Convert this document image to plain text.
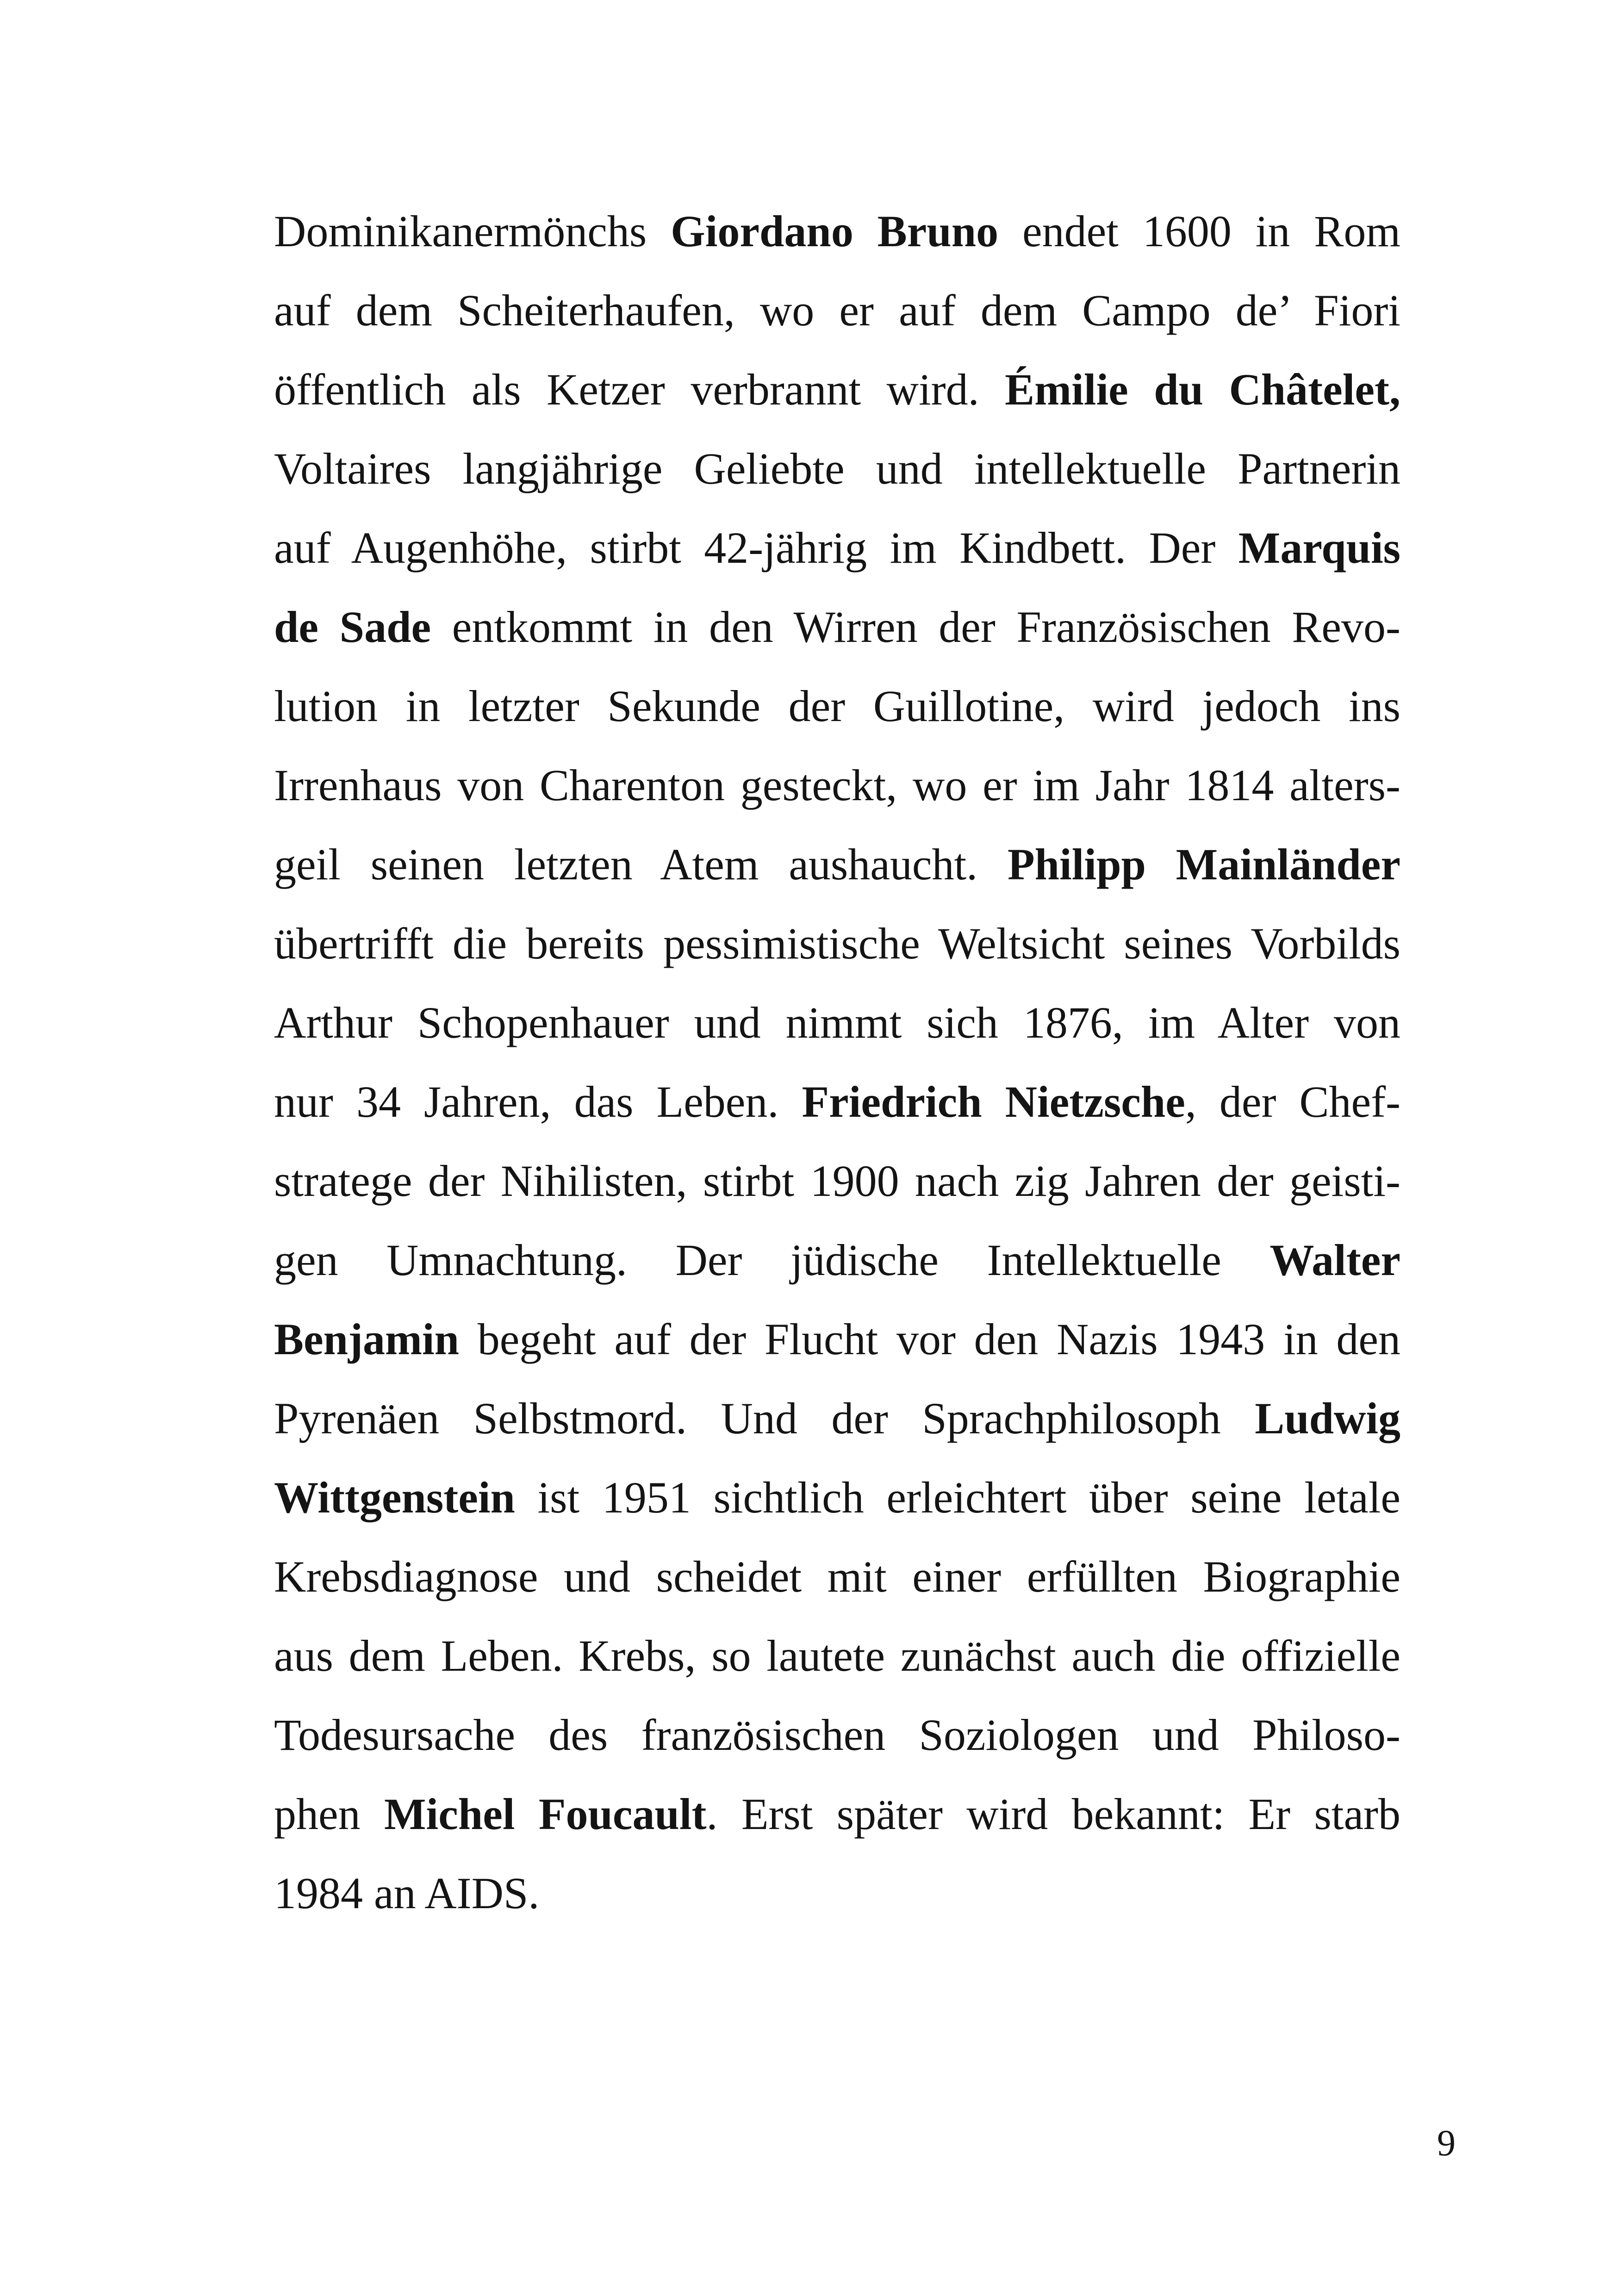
Dominikanermönchs Giordano Bruno endet 1600 in Rom
auf dem Scheiterhaufen, wo er auf dem Campo de’ Fiori
öffentlich als Ketzer verbrannt wird. Émilie du Châtelet,
Voltaires langjährige Geliebte und intellektuelle Partnerin
auf Augenhöhe, stirbt 42-jährig im Kindbett. Der Marquis
de Sade entkommt in den Wirren der Französischen Revo-
lution in letzter Sekunde der Guillotine, wird jedoch ins
Irrenhaus von Charenton gesteckt, wo er im Jahr 1814 alters-
geil seinen letzten Atem aushaucht. Philipp Mainländer
übertrifft die bereits pessimistische Weltsicht seines Vorbilds
Arthur Schopenhauer und nimmt sich 1876, im Alter von
nur 34 Jahren, das Leben. Friedrich Nietzsche, der Chef-
stratege der Nihilisten, stirbt 1900 nach zig Jahren der geisti-
gen Umnachtung. Der jüdische Intellektuelle Walter
Benjamin begeht auf der Flucht vor den Nazis 1943 in den
Pyrenäen Selbstmord. Und der Sprachphilosoph Ludwig
Wittgenstein ist 1951 sichtlich erleichtert über seine letale
Krebsdiagnose und scheidet mit einer erfüllten Biographie
aus dem Leben. Krebs, so lautete zunächst auch die offizielle
Todesursache des französischen Soziologen und Philoso-
phen Michel Foucault. Erst später wird bekannt: Er starb
1984 an AIDS.
9
